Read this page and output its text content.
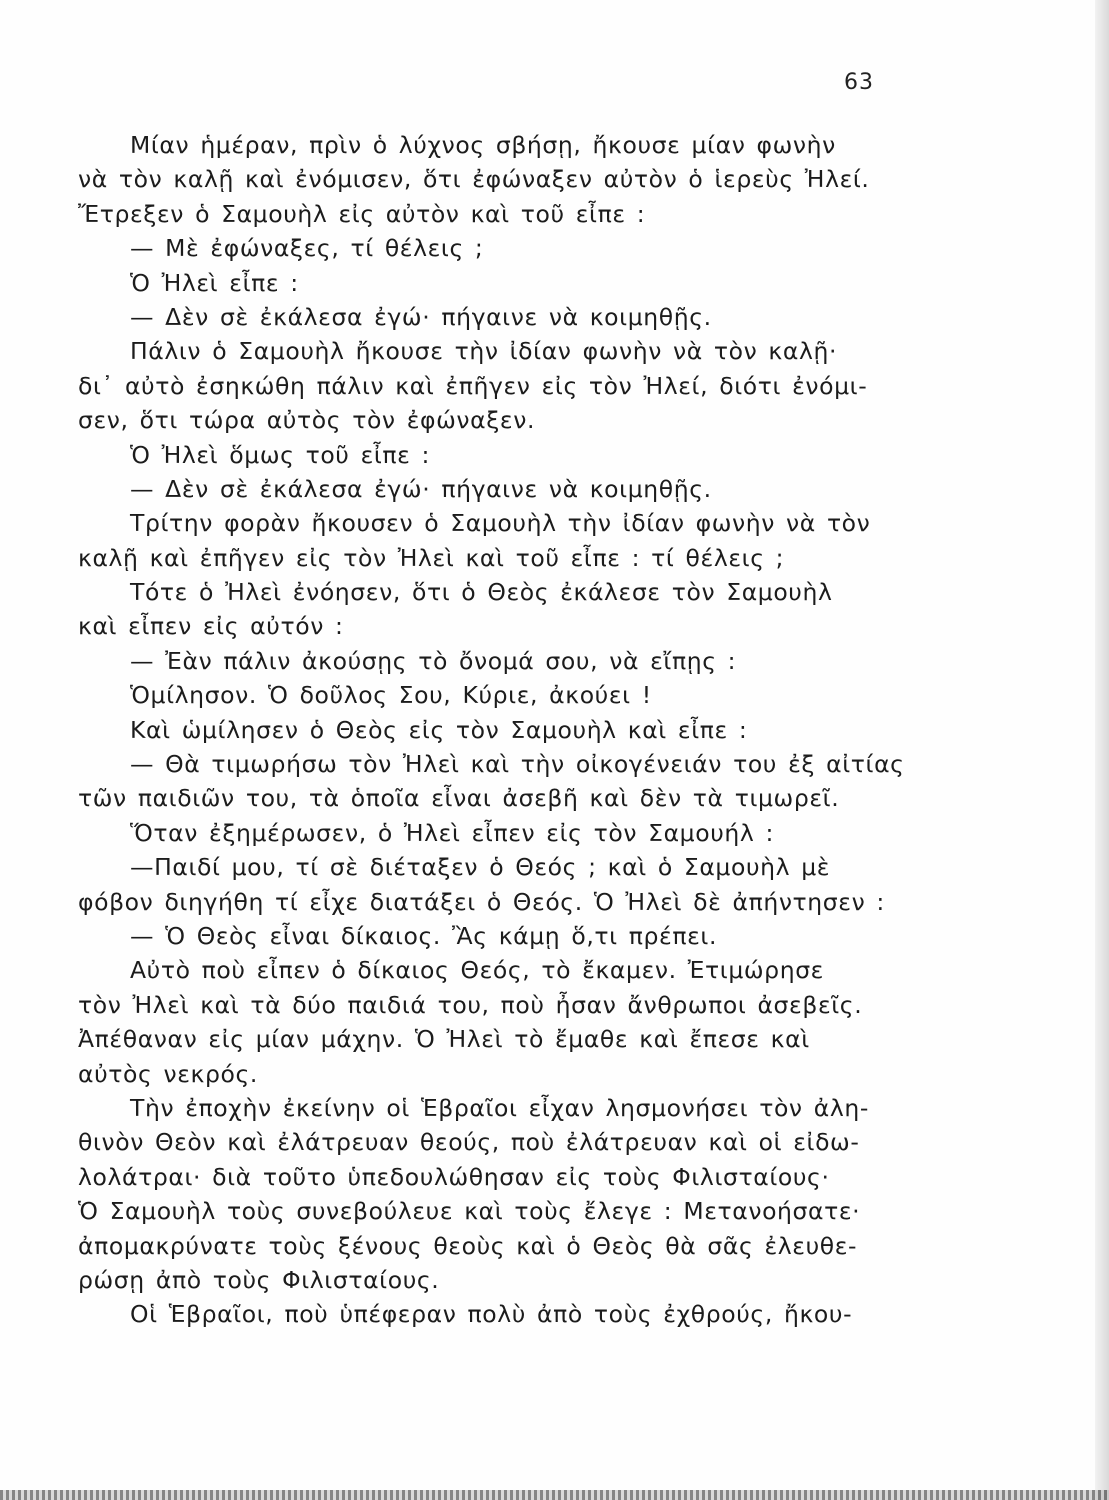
63
Μίαν ἡμέραν, πρὶν ὁ λύχνος σβήσῃ, ἤκουσε μίαν φωνὴν
νὰ τὸν καλῇ καὶ ἐνόμισεν, ὅτι ἐφώναξεν αὐτὸν ὁ ἱερεὺς Ἠλεί.
Ἔτρεξεν ὁ Σαμουὴλ εἰς αὐτὸν καὶ τοῦ εἶπε :
— Μὲ ἐφώναξες, τί θέλεις ;
Ὁ Ἠλεὶ εἶπε :
— Δὲν σὲ ἐκάλεσα ἐγώ· πήγαινε νὰ κοιμηθῇς.
Πάλιν ὁ Σαμουὴλ ἤκουσε τὴν ἰδίαν φωνὴν νὰ τὸν καλῇ·
δι᾽ αὐτὸ ἐσηκώθη πάλιν καὶ ἐπῆγεν εἰς τὸν Ἠλεί, διότι ἐνόμι-
σεν, ὅτι τώρα αὐτὸς τὸν ἐφώναξεν.
Ὁ Ἠλεὶ ὅμως τοῦ εἶπε :
— Δὲν σὲ ἐκάλεσα ἐγώ· πήγαινε νὰ κοιμηθῇς.
Τρίτην φορὰν ἤκουσεν ὁ Σαμουὴλ τὴν ἰδίαν φωνὴν νὰ τὸν
καλῇ καὶ ἐπῆγεν εἰς τὸν Ἠλεὶ καὶ τοῦ εἶπε : τί θέλεις ;
Τότε ὁ Ἠλεὶ ἐνόησεν, ὅτι ὁ Θεὸς ἐκάλεσε τὸν Σαμουὴλ
καὶ εἶπεν εἰς αὐτόν :
— Ἐὰν πάλιν ἀκούσῃς τὸ ὄνομά σου, νὰ εἴπῃς :
Ὁμίλησον. Ὁ δοῦλος Σου, Κύριε, ἀκούει !
Καὶ ὡμίλησεν ὁ Θεὸς εἰς τὸν Σαμουὴλ καὶ εἶπε :
— Θὰ τιμωρήσω τὸν Ἠλεὶ καὶ τὴν οἰκογένειάν του ἐξ αἰτίας
τῶν παιδιῶν του, τὰ ὁποῖα εἶναι ἀσεβῆ καὶ δὲν τὰ τιμωρεῖ.
Ὅταν ἐξημέρωσεν, ὁ Ἠλεὶ εἶπεν εἰς τὸν Σαμουήλ :
—Παιδί μου, τί σὲ διέταξεν ὁ Θεός ; καὶ ὁ Σαμουὴλ μὲ
φόβον διηγήθη τί εἶχε διατάξει ὁ Θεός. Ὁ Ἠλεὶ δὲ ἀπήντησεν :
— Ὁ Θεὸς εἶναι δίκαιος. Ἂς κάμῃ ὅ,τι πρέπει.
Αὐτὸ ποὺ εἶπεν ὁ δίκαιος Θεός, τὸ ἔκαμεν. Ἐτιμώρησε
τὸν Ἠλεὶ καὶ τὰ δύο παιδιά του, ποὺ ἦσαν ἄνθρωποι ἀσεβεῖς.
Ἀπέθαναν εἰς μίαν μάχην. Ὁ Ἠλεὶ τὸ ἔμαθε καὶ ἔπεσε καὶ
αὐτὸς νεκρός.
Τὴν ἐποχὴν ἐκείνην οἱ Ἑβραῖοι εἶχαν λησμονήσει τὸν ἀλη-
θινὸν Θεὸν καὶ ἐλάτρευαν θεούς, ποὺ ἐλάτρευαν καὶ οἱ εἰδω-
λολάτραι· διὰ τοῦτο ὑπεδουλώθησαν εἰς τοὺς Φιλισταίους·
Ὁ Σαμουὴλ τοὺς συνεβούλευε καὶ τοὺς ἔλεγε : Μετανοήσατε·
ἀπομακρύνατε τοὺς ξένους θεοὺς καὶ ὁ Θεὸς θὰ σᾶς ἐλευθε-
ρώσῃ ἀπὸ τοὺς Φιλισταίους.
Οἱ Ἑβραῖοι, ποὺ ὑπέφεραν πολὺ ἀπὸ τοὺς ἐχθρούς, ἤκου-
